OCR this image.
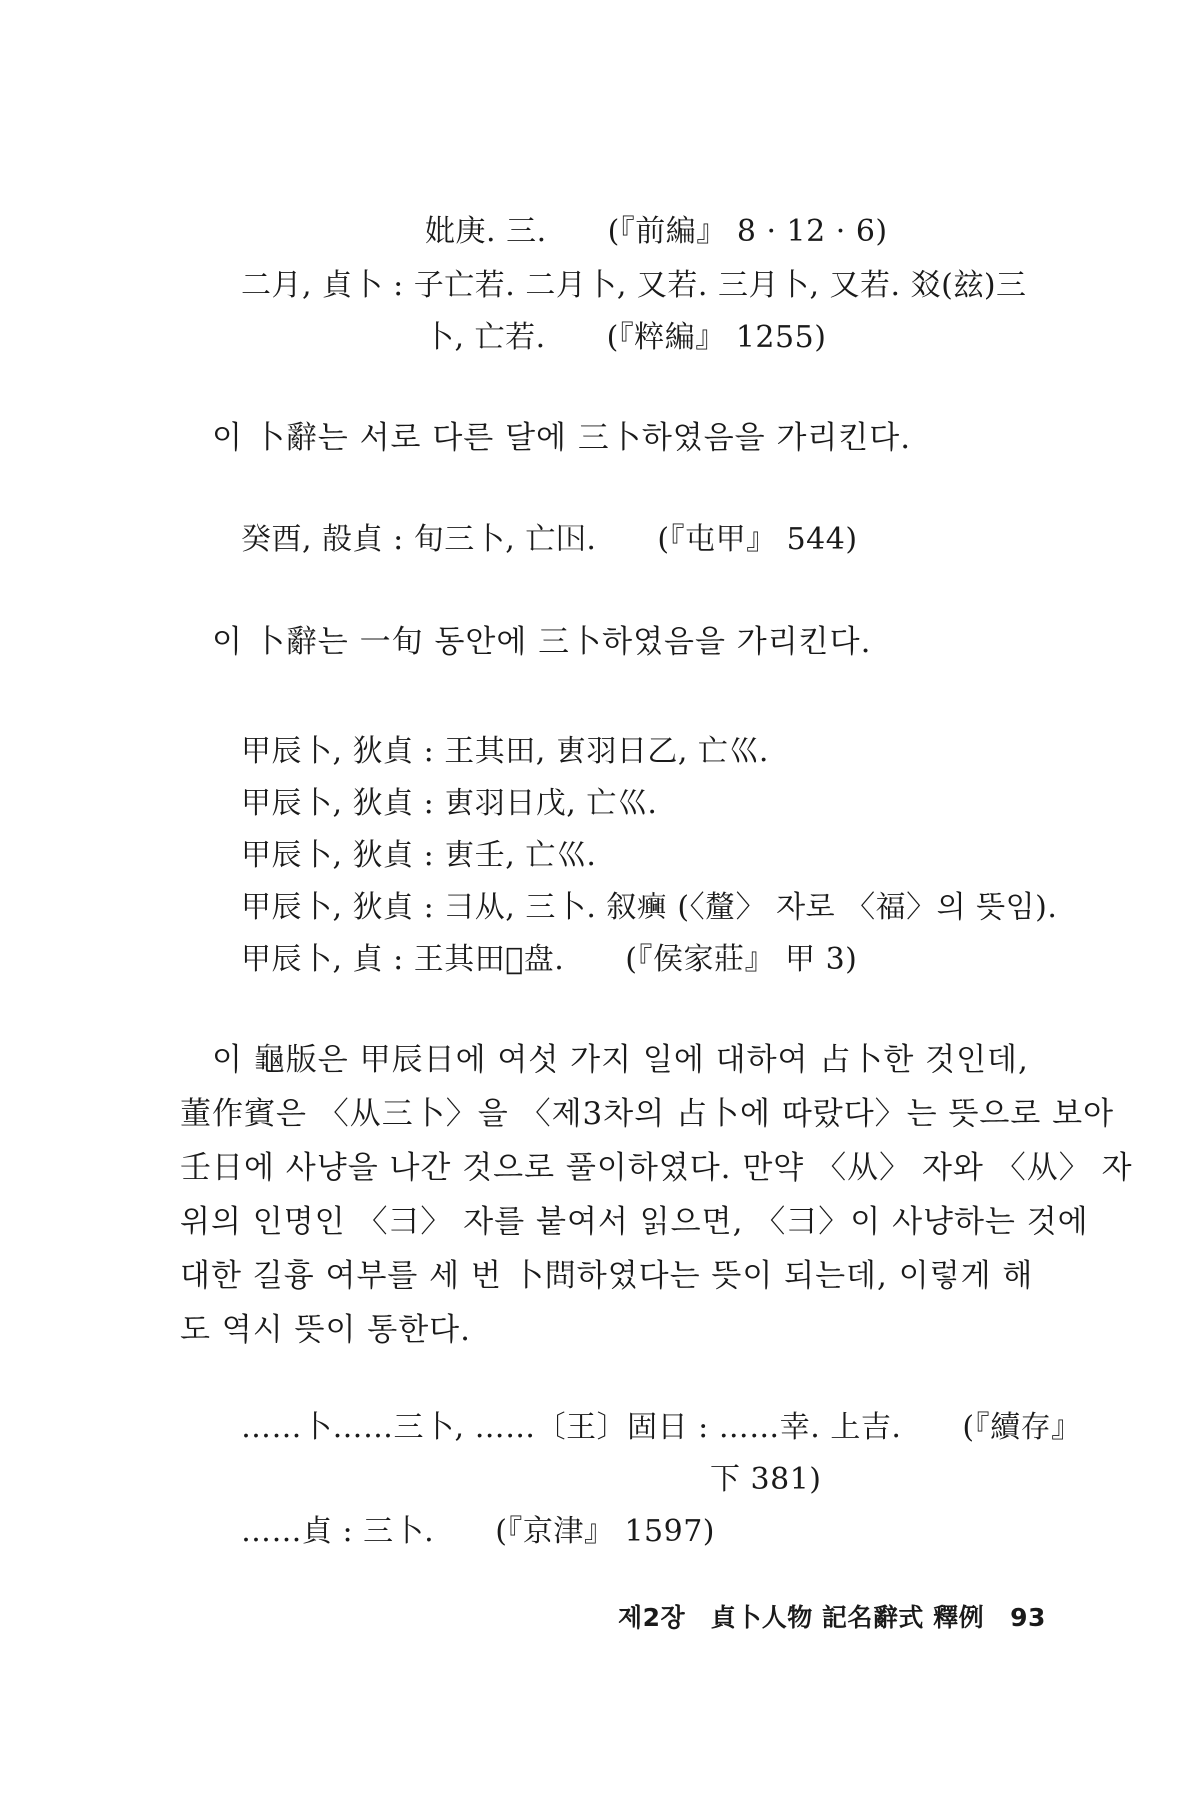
妣庚. 三.　　(『前編』 8 · 12 · 6)
二月, 貞卜 : 子亡若. 二月卜, 又若. 三月卜, 又若. 㸚(玆)三
卜, 亡若.　　(『粹編』 1255)
이 卜辭는 서로 다른 달에 三卜하였음을 가리킨다.
癸酉, 㱿貞 : 旬三卜, 亡𡆥.　　(『屯甲』 544)
이 卜辭는 一旬 동안에 三卜하였음을 가리킨다.
甲辰卜, 狄貞 : 王其田, 叀羽日乙, 亡巛.
甲辰卜, 狄貞 : 叀羽日戊, 亡巛.
甲辰卜, 狄貞 : 叀壬, 亡巛.
甲辰卜, 狄貞 : 彐从, 三卜. 叙𤼈 (〈釐〉 자로 〈福〉의 뜻임).
甲辰卜, 貞 : 王其田𨼳盘.　　(『侯家莊』 甲 3)
이 龜版은 甲辰日에 여섯 가지 일에 대하여 占卜한 것인데,
董作賓은 〈从三卜〉을 〈제3차의 占卜에 따랐다〉는 뜻으로 보아
壬日에 사냥을 나간 것으로 풀이하였다. 만약 〈从〉 자와 〈从〉 자
위의 인명인 〈彐〉 자를 붙여서 읽으면, 〈彐〉이 사냥하는 것에
대한 길흉 여부를 세 번 卜問하였다는 뜻이 되는데, 이렇게 해
도 역시 뜻이 통한다.
……卜……三卜, ……〔王〕固日 : ……幸. 上吉.　　(『續存』
下 381)
……貞 : 三卜.　　(『京津』 1597)
제2장　貞卜人物 記名辭式 釋例 93
